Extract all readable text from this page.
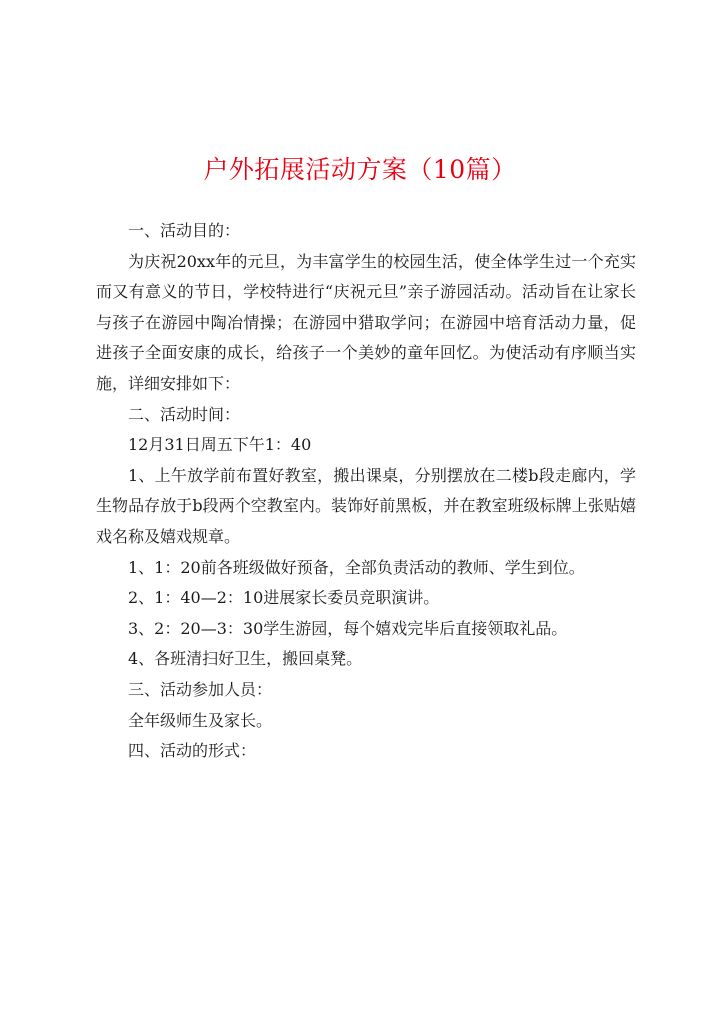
户外拓展活动方案（10篇）

一、活动目的：

为庆祝20xx年的元旦，为丰富学生的校园生活，使全体学生过一个充实而又有意义的节日，学校特进行“庆祝元旦”亲子游园活动。活动旨在让家长与孩子在游园中陶冶情操；在游园中猎取学问；在游园中培育活动力量，促进孩子全面安康的成长，给孩子一个美妙的童年回忆。为使活动有序顺当实施，详细安排如下：

二、活动时间：

12月31日周五下午1：40

1、上午放学前布置好教室，搬出课桌，分别摆放在二楼b段走廊内，学生物品存放于b段两个空教室内。装饰好前黑板，并在教室班级标牌上张贴嬉戏名称及嬉戏规章。

1、1：20前各班级做好预备，全部负责活动的教师、学生到位。

2、1：40—2：10进展家长委员竞职演讲。

3、2：20—3：30学生游园，每个嬉戏完毕后直接领取礼品。

4、各班清扫好卫生，搬回桌凳。

三、活动参加人员：

全年级师生及家长。

四、活动的形式：
